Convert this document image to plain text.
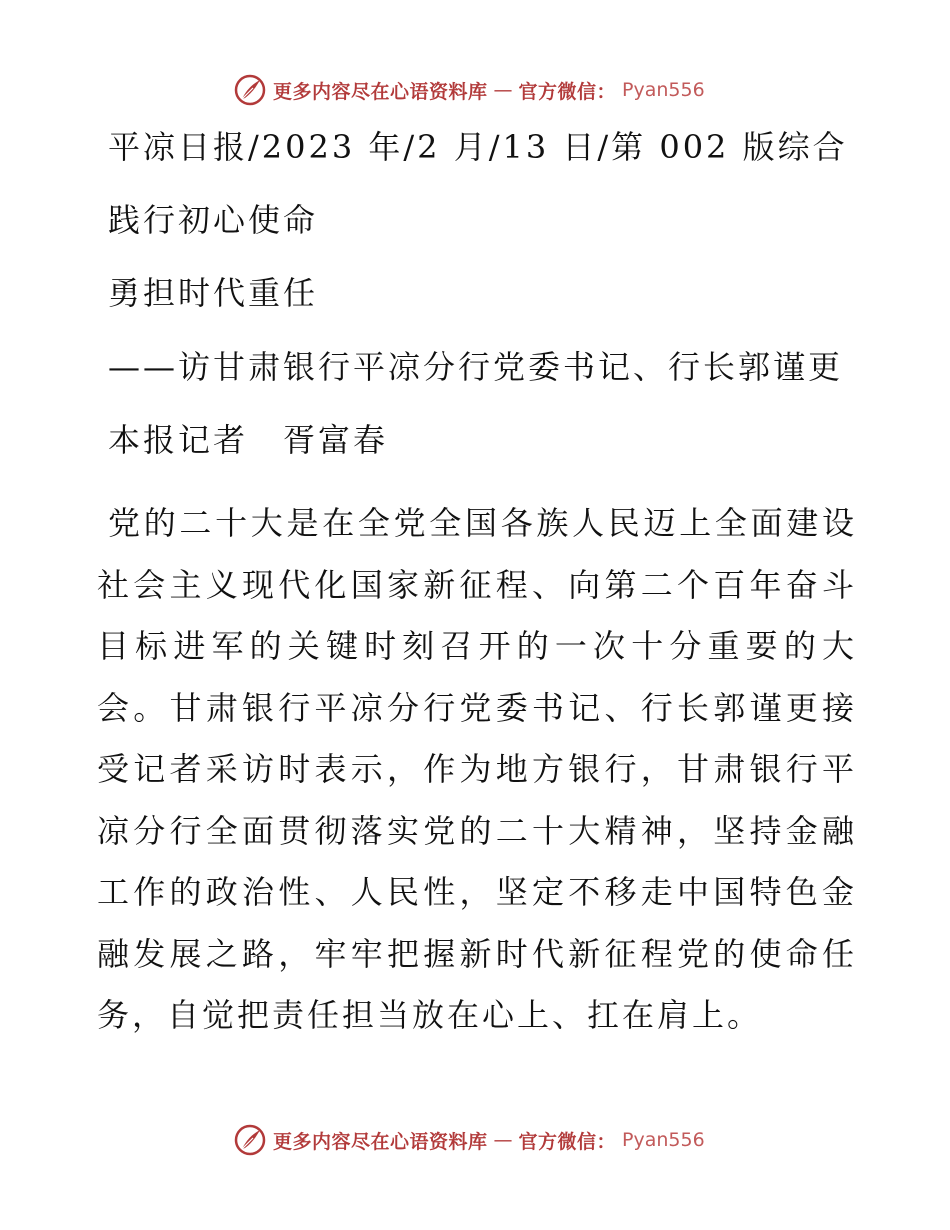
更多内容尽在心语资料库 — 官方微信： Pyan556

平凉日报/2023 年/2 月/13 日/第 002 版综合

践行初心使命

勇担时代重任

——访甘肃银行平凉分行党委书记、行长郭谨更

本报记者　胥富春

党的二十大是在全党全国各族人民迈上全面建设社会主义现代化国家新征程、向第二个百年奋斗目标进军的关键时刻召开的一次十分重要的大会。甘肃银行平凉分行党委书记、行长郭谨更接受记者采访时表示，作为地方银行，甘肃银行平凉分行全面贯彻落实党的二十大精神，坚持金融工作的政治性、人民性，坚定不移走中国特色金融发展之路，牢牢把握新时代新征程党的使命任务，自觉把责任担当放在心上、扛在肩上。

更多内容尽在心语资料库 — 官方微信： Pyan556
